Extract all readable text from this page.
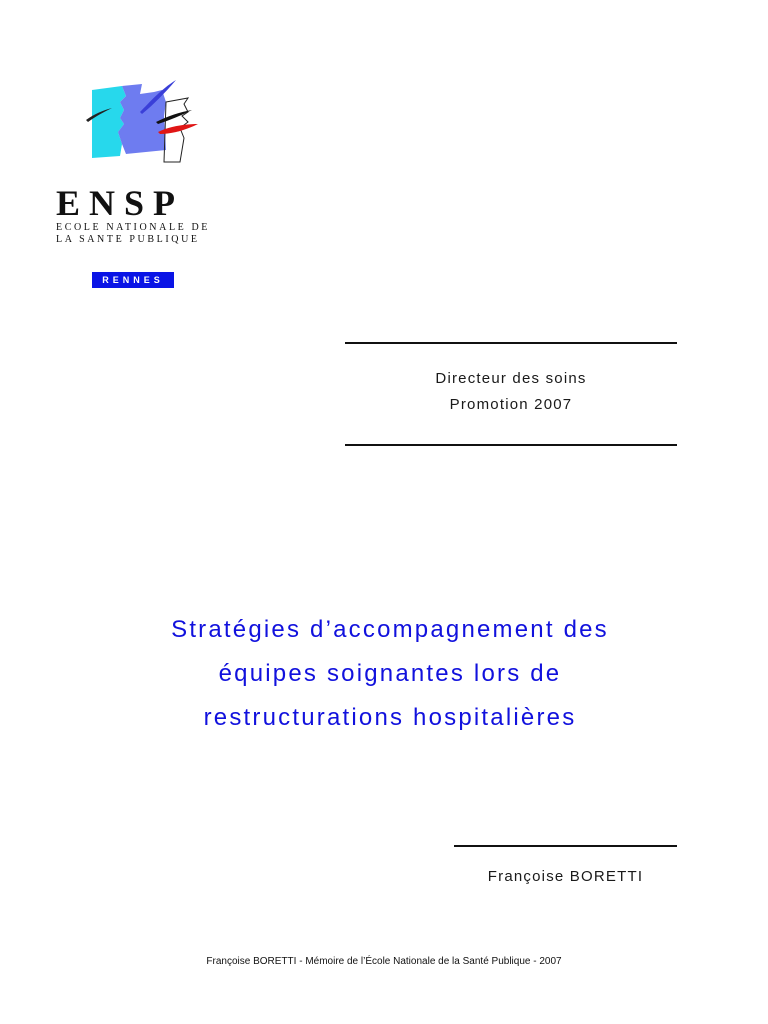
ENSP
ECOLE NATIONALE DE
LA SANTE PUBLIQUE
RENNES
Directeur des soins
Promotion 2007
Stratégies d’accompagnement des
équipes soignantes lors de
restructurations hospitalières
Françoise BORETTI
Françoise BORETTI - Mémoire de l’École Nationale de la Santé Publique - 2007
